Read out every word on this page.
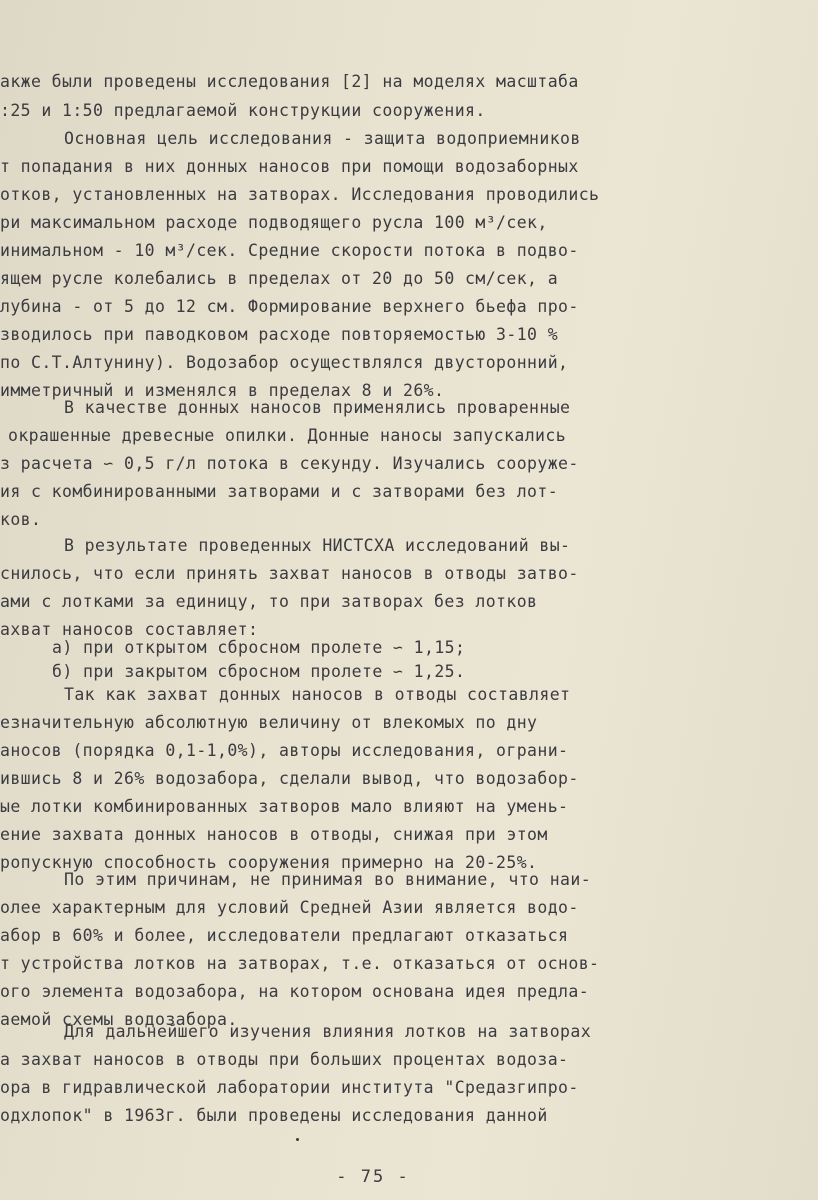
акже были проведены исследования [2] на моделях масштаба
:25 и 1:50 предлагаемой конструкции сооружения.
Основная цель исследования - защита водоприемников
т попадания в них донных наносов при помощи водозаборных
отков, установленных на затворах. Исследования проводились
ри максимальном расходе подводящего русла 100 м³/сек,
инимальном - 10 м³/сек. Средние скорости потока в подво-
ящем русле колебались в пределах от 20 до 50 см/сек, а
лубина - от 5 до 12 см. Формирование верхнего бьефа про-
зводилось при паводковом расходе повторяемостью 3-10 %
по С.Т.Алтунину). Водозабор осуществлялся двусторонний,
имметричный и изменялся в пределах 8 и 26%.
В качестве донных наносов применялись проваренные
окрашенные древесные опилки. Донные наносы запускались
з расчета ∽ 0,5 г/л потока в секунду. Изучались сооруже-
ия с комбинированными затворами и с затворами без лот-
ков.
В результате проведенных НИСТСХА исследований вы-
снилось, что если принять захват наносов в отводы затво-
ами с лотками за единицу, то при затворах без лотков
ахват наносов составляет:
а) при открытом сбросном пролете ∽ 1,15;
б) при закрытом сбросном пролете ∽ 1,25.
Так как захват донных наносов в отводы составляет
езначительную абсолютную величину от влекомых по дну
аносов (порядка 0,1-1,0%), авторы исследования, ограни-
ившись 8 и 26% водозабора, сделали вывод, что водозабор-
ые лотки комбинированных затворов мало влияют на умень-
ение захвата донных наносов в отводы, снижая при этом
ропускную способность сооружения примерно на 20-25%.
По этим причинам, не принимая во внимание, что наи-
олее характерным для условий Средней Азии является водо-
абор в 60% и более, исследователи предлагают отказаться
т устройства лотков на затворах, т.е. отказаться от основ-
ого элемента водозабора, на котором основана идея предла-
аемой схемы водозабора.
Для дальнейшего изучения влияния лотков на затворах
а захват наносов в отводы при больших процентах водоза-
ора в гидравлической лаборатории института "Средазгипро-
одхлопок" в 1963г. были проведены исследования данной
- 75 -
